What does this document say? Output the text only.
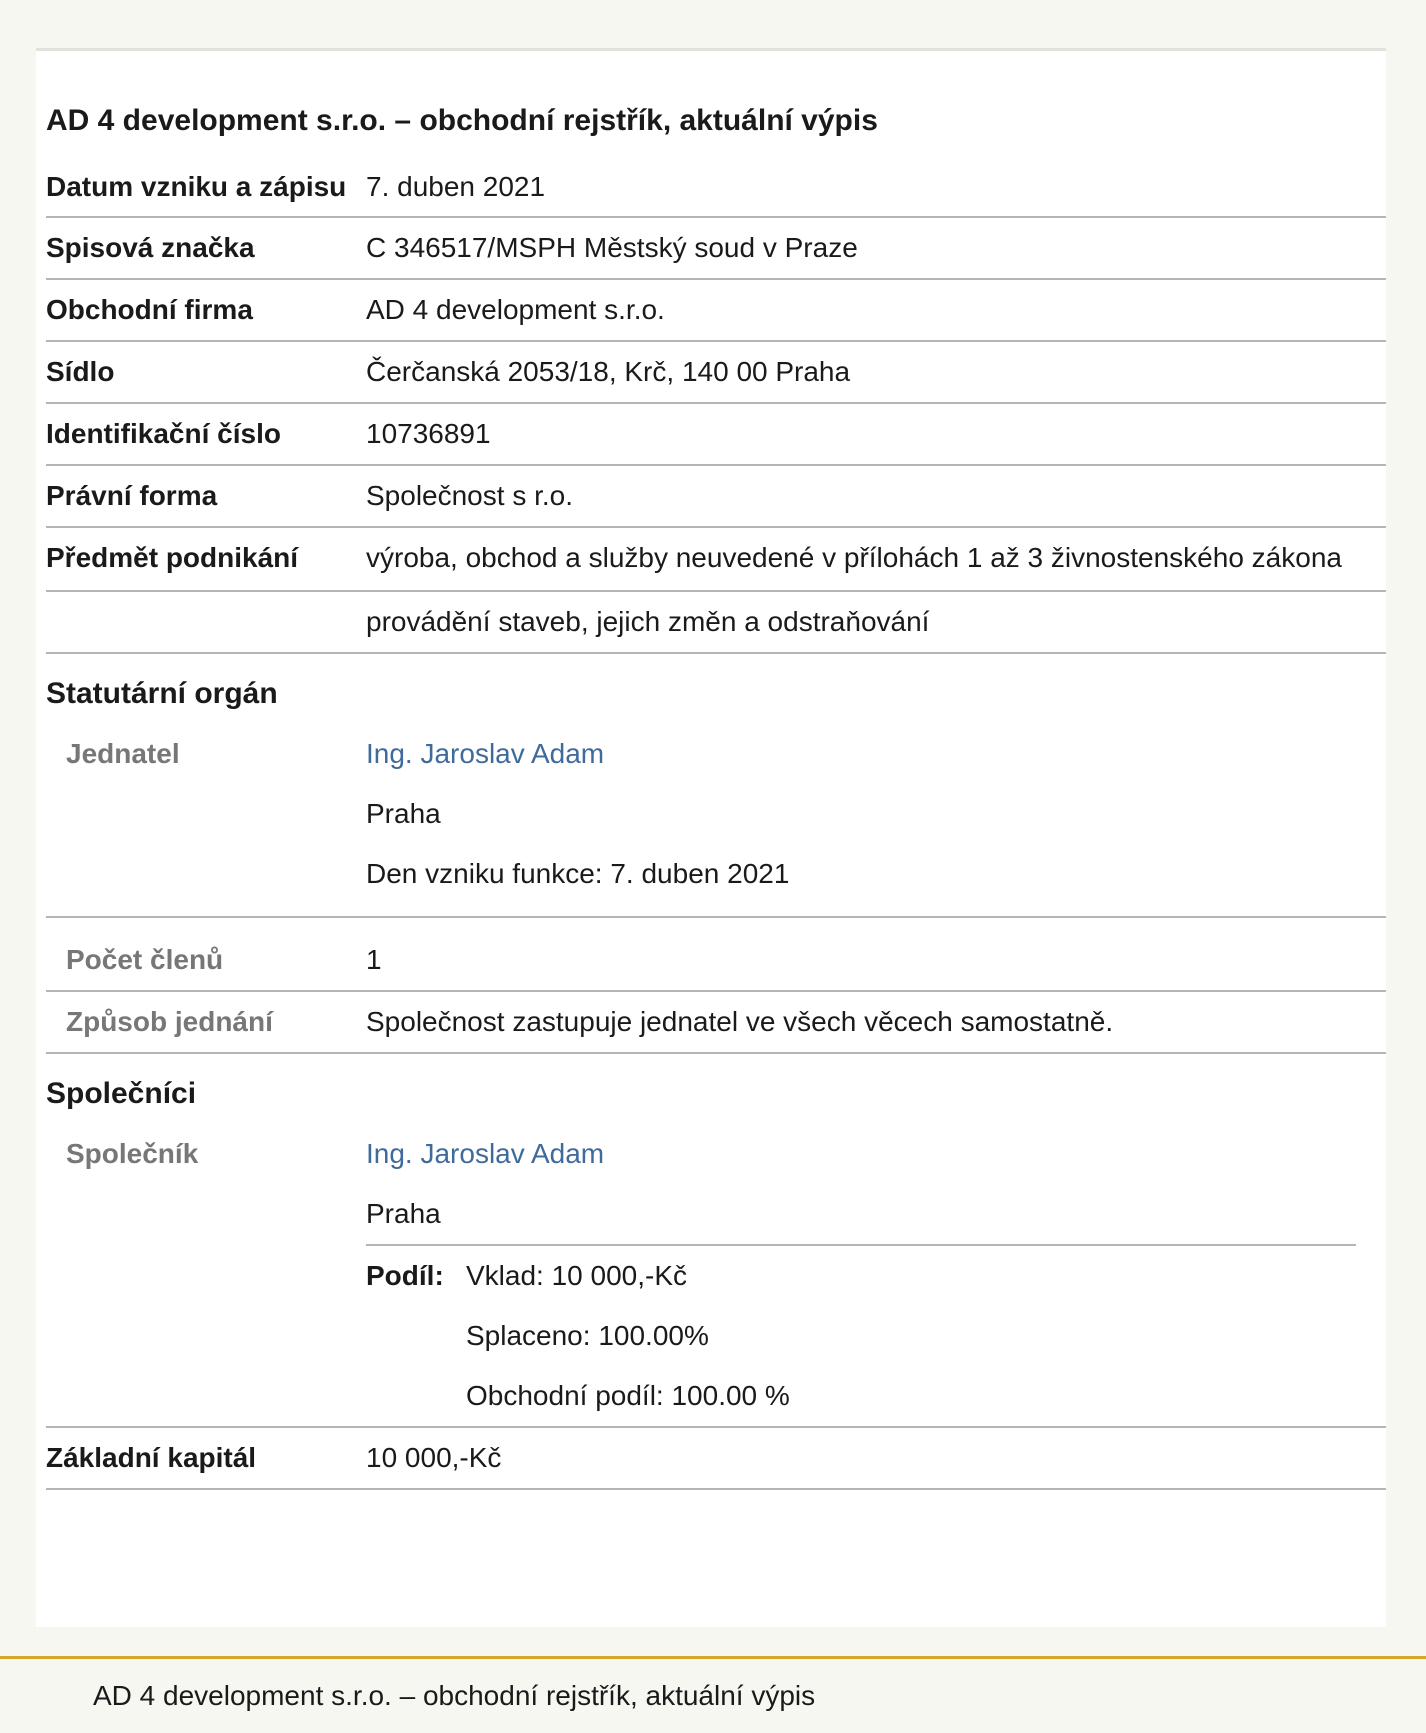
AD 4 development s.r.o. – obchodní rejstřík, aktuální výpis
Datum vzniku a zápisu 7. duben 2021
Spisová značka	C 346517/MSPH Městský soud v Praze
Obchodní firma	AD 4 development s.r.o.
Sídlo	Čerčanská 2053/18, Krč, 140 00 Praha
Identifikační číslo	10736891
Právní forma	Společnost s r.o.
Předmět podnikání	výroba, obchod a služby neuvedené v přílohách 1 až 3 živnostenského zákona
provádění staveb, jejich změn a odstraňování
Statutární orgán
Jednatel	Ing. Jaroslav Adam
Praha
Den vzniku funkce: 7. duben 2021
Počet členů	1
Způsob jednání	Společnost zastupuje jednatel ve všech věcech samostatně.
Společníci
Společník	Ing. Jaroslav Adam
Praha
Podíl: Vklad: 10 000,-Kč
Splaceno: 100.00%
Obchodní podíl: 100.00 %
Základní kapitál	10 000,-Kč
AD 4 development s.r.o. – obchodní rejstřík, aktuální výpis
